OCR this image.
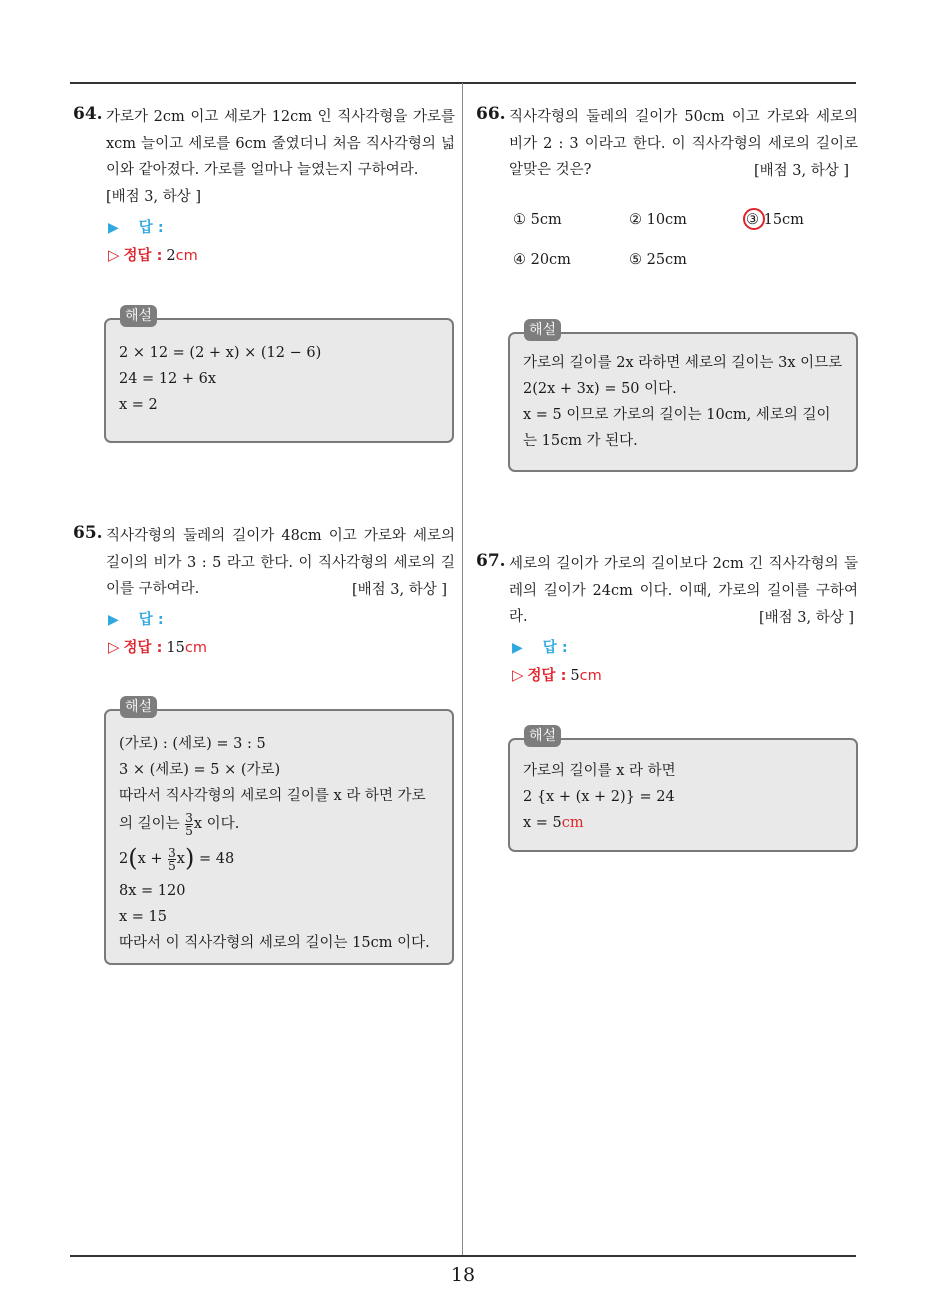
18
64. 가로가 2cm 이고 세로가 12cm 인 직사각형을 가로를 xcm 늘이고 세로를 6cm 줄였더니 처음 직사각형의 넓이와 같아졌다. 가로를 얼마나 늘였는지 구하여라.
[배점 3, 하상 ]
▶ 답 :
▷ 정답 : 2cm
해설
2 × 12 = (2 + x) × (12 − 6)
24 = 12 + 6x
x = 2
65. 직사각형의 둘레의 길이가 48cm 이고 가로와 세로의 길이의 비가 3 : 5 라고 한다. 이 직사각형의 세로의 길이를 구하여라.	[배점 3, 하상 ]
▶ 답 :
▷ 정답 : 15cm
해설
(가로) : (세로) = 3 : 5
3 × (세로) = 5 × (가로)
따라서 직사각형의 세로의 길이를 x 라 하면 가로
의 길이는 $\frac{3}{5}$ x 이다.
$2(x + \frac{3}{5} x) = 48$
8x = 120
x = 15
따라서 이 직사각형의 세로의 길이는 15cm 이다.
66. 직사각형의 둘레의 길이가 50cm 이고 가로와 세로의 비가 2 : 3 이라고 한다. 이 직사각형의 세로의 길이로 알맞은 것은?	[배점 3, 하상 ]
① 5cm	② 10cm	③ 15cm
④ 20cm	⑤ 25cm
해설
가로의 길이를 2x 라하면 세로의 길이는 3x 이므로 2(2x + 3x) = 50 이다.
x = 5 이므로 가로의 길이는 10cm, 세로의 길이는 15cm 가 된다.
67. 세로의 길이가 가로의 길이보다 2cm 긴 직사각형의 둘레의 길이가 24cm 이다. 이때, 가로의 길이를 구하여라.	[배점 3, 하상 ]
▶ 답 :
▷ 정답 : 5cm
해설
가로의 길이를 x 라 하면
2 {x + (x + 2)} = 24
x = 5cm
